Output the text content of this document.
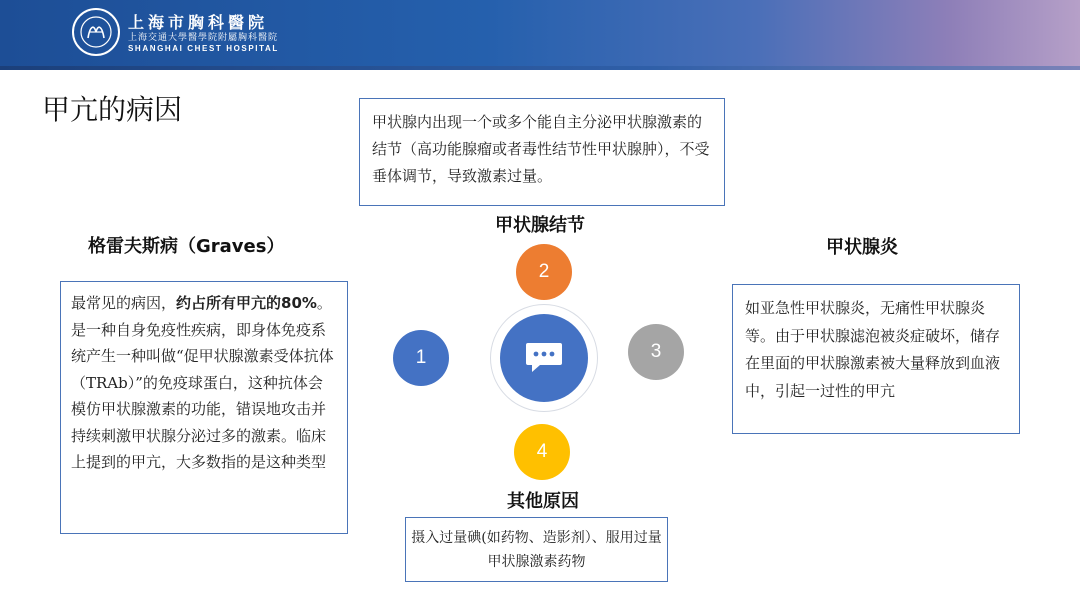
上海市胸科醫院
上海交通大學醫學院附屬胸科醫院
SHANGHAI CHEST HOSPITAL
甲亢的病因	甲状腺内出现一个或多个能自主分泌甲状腺激素的结节（高功能腺瘤或者毒性结节性甲状腺肿），不受垂体调节，导致激素过量。
格雷夫斯病（Graves）
甲状腺结节
甲状腺炎
其他原因
最常见的病因，约占所有甲亢的80%。是一种自身免疫性疾病，即身体免疫系统产生一种叫做“促甲状腺激素受体抗体（TRAb）”的免疫球蛋白，这种抗体会模仿甲状腺激素的功能，错误地攻击并持续刺激甲状腺分泌过多的激素。临床上提到的甲亢，大多数指的是这种类型
如亚急性甲状腺炎，无痛性甲状腺炎等。由于甲状腺滤泡被炎症破坏，储存在里面的甲状腺激素被大量释放到血液中，引起一过性的甲亢
摄入过量碘(如药物、造影剂）、服用过量甲状腺激素药物
1
2
3
4
